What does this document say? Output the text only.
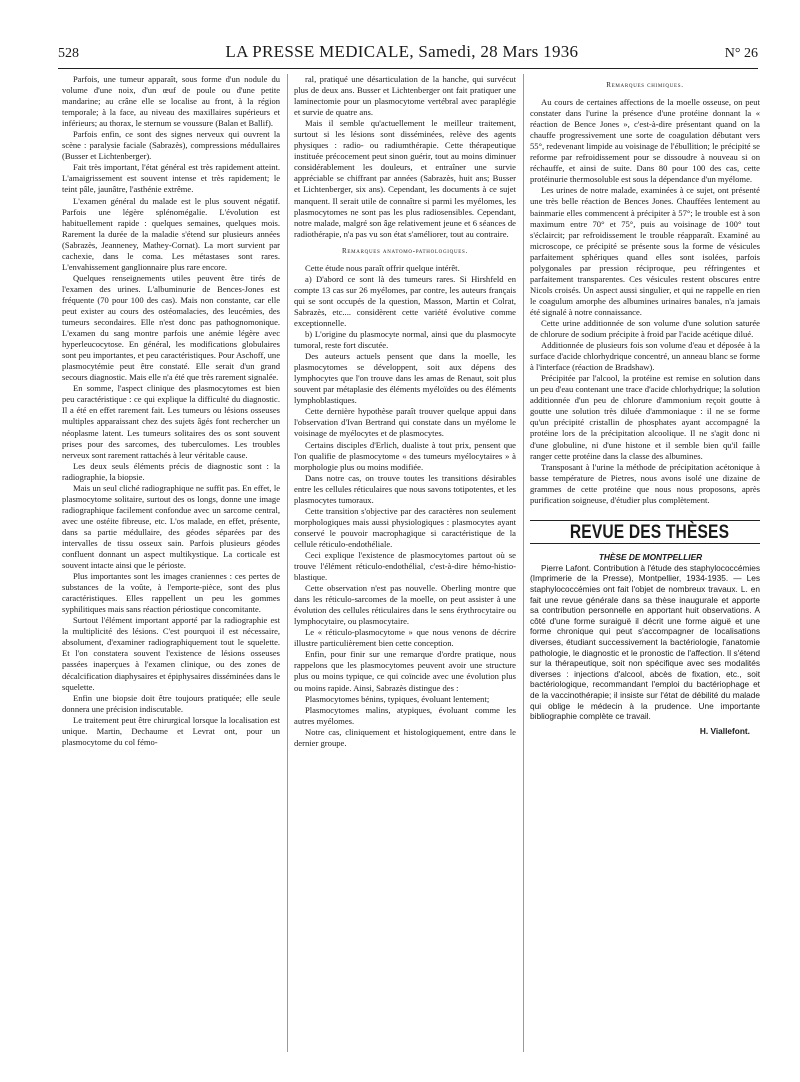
528	LA PRESSE MEDICALE, Samedi, 28 Mars 1936	N° 26

Parfois, une tumeur apparaît, sous forme d'un nodule du volume d'une noix, d'un œuf de poule ou d'une petite mandarine; au crâne elle se localise au front, à la région temporale; à la face, au niveau des maxillaires supérieurs et inférieurs; au thorax, le sternum se voussure (Balan et Ballif).

Parfois enfin, ce sont des signes nerveux qui ouvrent la scène : paralysie faciale (Sabrazès), compressions médullaires (Busser et Lichtenberger).

Fait très important, l'état général est très rapidement atteint. L'amaigrissement est souvent intense et très rapidement; le teint pâle, jaunâtre, l'asthénie extrême.

L'examen général du malade est le plus souvent négatif. Parfois une légère splénomégalie. L'évolution est habituellement rapide : quelques semaines, quelques mois. Rarement la durée de la maladie s'étend sur plusieurs années (Sabrazès, Jeanneney, Mathey-Cornat). La mort survient par cachexie, dans le coma. Les métastases sont rares. L'envahissement ganglionnaire plus rare encore.

Quelques renseignements utiles peuvent être tirés de l'examen des urines. L'albuminurie de Bences-Jones est fréquente (70 pour 100 des cas). Mais non constante, car elle peut exister au cours des ostéomalacies, des leucémies, des tumeurs secondaires. Elle n'est donc pas pathognomonique. L'examen du sang montre parfois une anémie légère avec hyperleucocytose. En général, les modifications globulaires sont peu importantes, et peu caractéristiques. Pour Aschoff, une plasmocytémie peut être constaté. Elle serait d'un grand secours diagnostic. Mais elle n'a été que très rarement signalée.

En somme, l'aspect clinique des plasmocytomes est bien peu caractéristique : ce qui explique la difficulté du diagnostic. Il a été en effet rarement fait. Les tumeurs ou lésions osseuses multiples apparaissant chez des sujets âgés font rechercher un néoplasme latent. Les tumeurs solitaires des os sont souvent prises pour des sarcomes, des tuberculomes. Les troubles nerveux sont rarement rattachés à leur véritable cause.

Les deux seuls éléments précis de diagnostic sont : la radiographie, la biopsie.

Mais un seul cliché radiographique ne suffit pas. En effet, le plasmocytome solitaire, surtout des os longs, donne une image radiographique facilement confondue avec un sarcome central, avec une ostéite fibreuse, etc. L'os malade, en effet, présente, dans sa partie médullaire, des géodes séparées par des intervalles de tissu osseux sain. Parfois plusieurs géodes confluent donnant un aspect multikystique. La corticale est souvent intacte ainsi que le périoste.

Plus importantes sont les images craniennes : ces pertes de substances de la voûte, à l'emporte-pièce, sont des plus caractéristiques. Elles rappellent un peu les gommes syphilitiques mais sans réaction périostique concomitante.

Surtout l'élément important apporté par la radiographie est la multiplicité des lésions. C'est pourquoi il est nécessaire, absolument, d'examiner radiographiquement tout le squelette. Et l'on constatera souvent l'existence de lésions osseuses passées inaperçues à l'examen clinique, ou des zones de décalcification diaphysaires et épiphysaires disséminées dans le squelette.

Enfin une biopsie doit être toujours pratiquée; elle seule donnera une précision indiscutable.

Le traitement peut être chirurgical lorsque la localisation est unique. Martin, Dechaume et Levrat ont, pour un plasmocytome du col fémo-

ral, pratiqué une désarticulation de la hanche, qui survécut plus de deux ans. Busser et Lichtenberger ont fait pratiquer une laminectomie pour un plasmocytome vertébral avec paraplégie et survie de quatre ans.

Mais il semble qu'actuellement le meilleur traitement, surtout si les lésions sont disséminées, relève des agents physiques : radio- ou radiumthérapie. Cette thérapeutique instituée précocement peut sinon guérir, tout au moins diminuer considérablement les douleurs, et entraîner une survie appréciable se chiffrant par années (Sabrazès, huit ans; Busser et Lichtenberger, six ans). Cependant, les documents à ce sujet manquent. Il serait utile de connaître si parmi les myélomes, les plasmocytomes ne sont pas les plus radiosensibles. Cependant, notre malade, malgré son âge relativement jeune et 6 séances de radiothérapie, n'a pas vu son état s'améliorer, tout au contraire.

Remarques anatomo-pathologiques.

Cette étude nous paraît offrir quelque intérêt.

a) D'abord ce sont là des tumeurs rares. Si Hirshfeld en compte 13 cas sur 26 myélomes, par contre, les auteurs français qui se sont occupés de la question, Masson, Martin et Colrat, Sabrazès, etc.... considèrent cette variété évolutive comme exceptionnelle.

b) L'origine du plasmocyte normal, ainsi que du plasmocyte tumoral, reste fort discutée.

Des auteurs actuels pensent que dans la moelle, les plasmocytomes se développent, soit aux dépens des lymphocytes que l'on trouve dans les amas de Renaut, soit plus souvent par métaplasie des éléments myéloïdes ou des éléments lymphoblastiques.

Cette dernière hypothèse paraît trouver quelque appui dans l'observation d'Ivan Bertrand qui constate dans un myélome le voisinage de myélocytes et de plasmocytes.

Certains disciples d'Erlich, dualiste à tout prix, pensent que l'on qualifie de plasmocytome « des tumeurs myélocytaires » à morphologie plus ou moins modifiée.

Dans notre cas, on trouve toutes les transitions désirables entre les cellules réticulaires que nous savons totipotentes, et les plasmocytes tumoraux.

Cette transition s'objective par des caractères non seulement morphologiques mais aussi physiologiques : plasmocytes ayant conservé le pouvoir macrophagique si caractéristique de la cellule réticulo-endothéliale.

Ceci explique l'existence de plasmocytomes partout où se trouve l'élément réticulo-endothélial, c'est-à-dire hémo-histio-blastique.

Cette observation n'est pas nouvelle. Oberling montre que dans les réticulo-sarcomes de la moelle, on peut assister à une évolution des cellules réticulaires dans le sens érythrocytaire ou lymphocytaire, ou plasmocytaire.

Le « réticulo-plasmocytome » que nous venons de décrire illustre particulièrement bien cette conception.

Enfin, pour finir sur une remarque d'ordre pratique, nous rappelons que les plasmocytomes peuvent avoir une structure plus ou moins typique, ce qui coïncide avec une évolution plus ou moins rapide. Ainsi, Sabrazès distingue des :

Plasmocytomes bénins, typiques, évoluant lentement;

Plasmocytomes malins, atypiques, évoluant comme les autres myélomes.

Notre cas, cliniquement et histologiquement, entre dans le dernier groupe.

Remarques chimiques.

Au cours de certaines affections de la moelle osseuse, on peut constater dans l'urine la présence d'une protéine donnant la « réaction de Bence Jones », c'est-à-dire présentant quand on la chauffe progressivement une sorte de coagulation débutant vers 55°, redevenant limpide au voisinage de l'ébullition; le précipité se reforme par refroidissement pour se dissoudre à nouveau si on réchauffe, et ainsi de suite. Dans 80 pour 100 des cas, cette protéinurie thermosoluble est sous la dépendance d'un myélome.

Les urines de notre malade, examinées à ce sujet, ont présenté une très belle réaction de Bences Jones. Chauffées lentement au bainmarie elles commencent à précipiter à 57°; le trouble est à son maximum entre 70° et 75°, puis au voisinage de 100° tout s'éclaircit; par refroidissement le trouble réapparaît. Examiné au microscope, ce précipité se présente sous la forme de vésicules parfaitement sphériques quand elles sont isolées, parfois polygonales par pression réciproque, peu réfringentes et parfaitement transparentes. Ces vésicules restent obscures entre Nicols croisés. Un aspect aussi singulier, et qui ne rappelle en rien le coagulum amorphe des albumines urinaires banales, n'a jamais été signalé à notre connaissance.

Cette urine additionnée de son volume d'une solution saturée de chlorure de sodium précipite à froid par l'acide acétique dilué.

Additionnée de plusieurs fois son volume d'eau et déposée à la surface d'acide chlorhydrique concentré, un anneau blanc se forme à l'interface (réaction de Bradshaw).

Précipitée par l'alcool, la protéine est remise en solution dans un peu d'eau contenant une trace d'acide chlorhydrique; la solution additionnée d'un peu de chlorure d'ammonium reçoit goutte à goutte une solution très diluée d'ammoniaque : il ne se forme qu'un précipité cristallin de phosphates ayant accompagné la protéine lors de la précipitation alcoolique. Il ne s'agit donc ni d'une globuline, ni d'une histone et il semble bien qu'il faille ranger cette protéine dans la classe des albumines.

Transposant à l'urine la méthode de précipitation acétonique à basse température de Pietres, nous avons isolé une dizaine de grammes de cette protéine que nous nous proposons, après purification soigneuse, d'étudier plus complètement.

REVUE DES THÈSES

THÈSE DE MONTPELLIER

Pierre Lafont. Contribution à l'étude des staphylococcémies (Imprimerie de la Presse), Montpellier, 1934-1935. — Les staphylococcémies ont fait l'objet de nombreux travaux. L. en fait une revue générale dans sa thèse inaugurale et apporte sa contribution personnelle en apportant huit observations. A côté d'une forme suraiguë il décrit une forme aiguë et une forme chronique qui peut s'accompagner de localisations diverses, étudiant successivement la bactériologie, l'anatomie pathologie, le diagnostic et le pronostic de l'affection. Il s'étend sur la thérapeutique, soit non spécifique avec ses modalités diverses : injections d'alcool, abcès de fixation, etc., soit bactériologique, recommandant l'emploi du bactériophage et de la vaccinothérapie; il insiste sur l'état de débilité du malade qui oblige le médecin à la prudence. Une importante bibliographie complète ce travail.

H. Viallefont.
